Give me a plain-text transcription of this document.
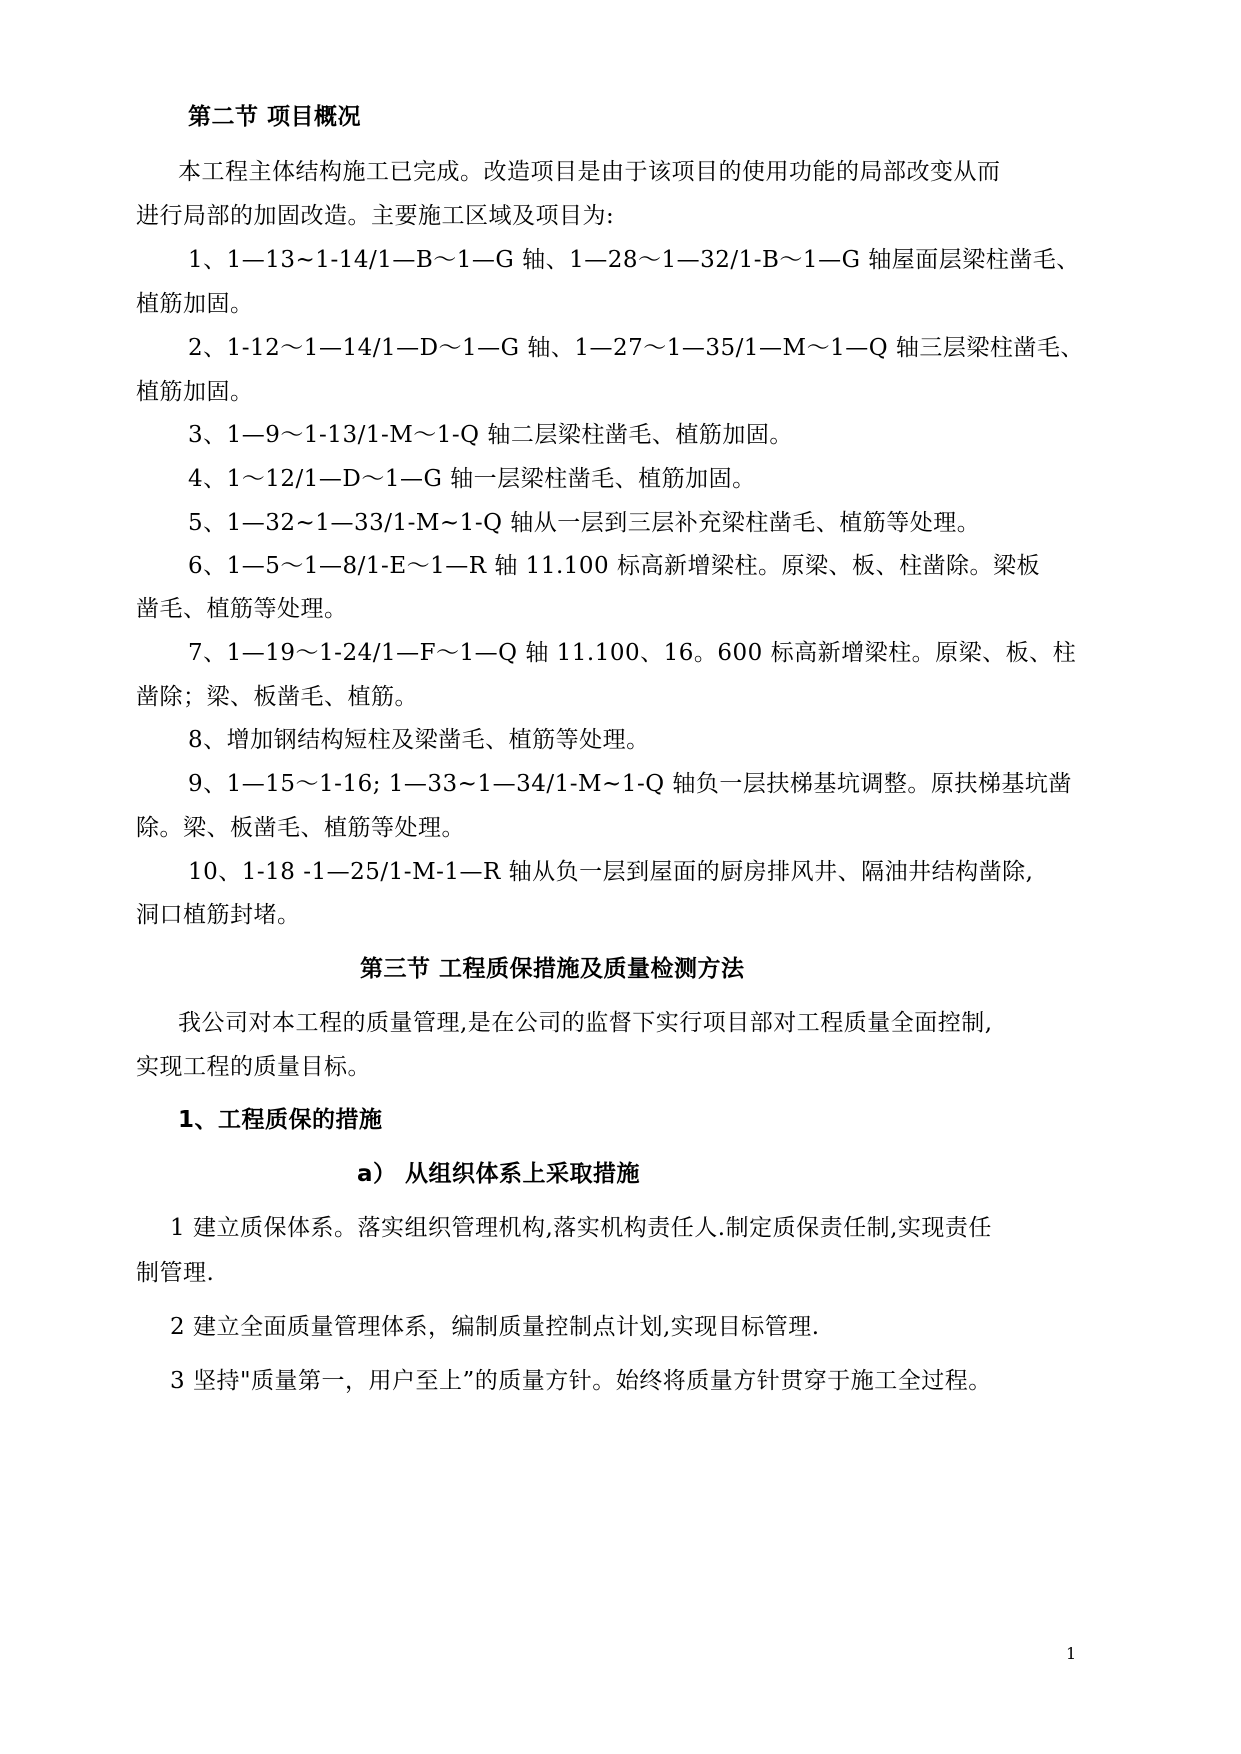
第二节 项目概况
本工程主体结构施工已完成。改造项目是由于该项目的使用功能的局部改变从而
进行局部的加固改造。主要施工区域及项目为:
1、1—13~1-14/1—B～1—G 轴、1—28～1—32/1-B～1—G 轴屋面层梁柱凿毛、
植筋加固。
2、1-12～1—14/1—D～1—G 轴、1—27～1—35/1—M～1—Q 轴三层梁柱凿毛、
植筋加固。
3、1—9～1-13/1-M～1-Q 轴二层梁柱凿毛、植筋加固。
4、1～12/1—D～1—G 轴一层梁柱凿毛、植筋加固。
5、1—32~1—33/1-M~1-Q 轴从一层到三层补充梁柱凿毛、植筋等处理。
6、1—5～1—8/1-E～1—R 轴 11.100 标高新增梁柱。原梁、板、柱凿除。梁板
凿毛、植筋等处理。
7、1—19～1-24/1—F～1—Q 轴 11.100、16。600 标高新增梁柱。原梁、板、柱
凿除；梁、板凿毛、植筋。
8、增加钢结构短柱及梁凿毛、植筋等处理。
9、1—15～1-16; 1—33~1—34/1-M~1-Q 轴负一层扶梯基坑调整。原扶梯基坑凿
除。梁、板凿毛、植筋等处理。
10、1-18 -1—25/1-M-1—R 轴从负一层到屋面的厨房排风井、隔油井结构凿除,
洞口植筋封堵。
第三节 工程质保措施及质量检测方法
我公司对本工程的质量管理,是在公司的监督下实行项目部对工程质量全面控制,
实现工程的质量目标。
1、工程质保的措施
a） 从组织体系上采取措施
1 建立质保体系。落实组织管理机构,落实机构责任人.制定质保责任制,实现责任
制管理.
2 建立全面质量管理体系，编制质量控制点计划,实现目标管理.
3 坚持"质量第一，用户至上”的质量方针。始终将质量方针贯穿于施工全过程。
1
